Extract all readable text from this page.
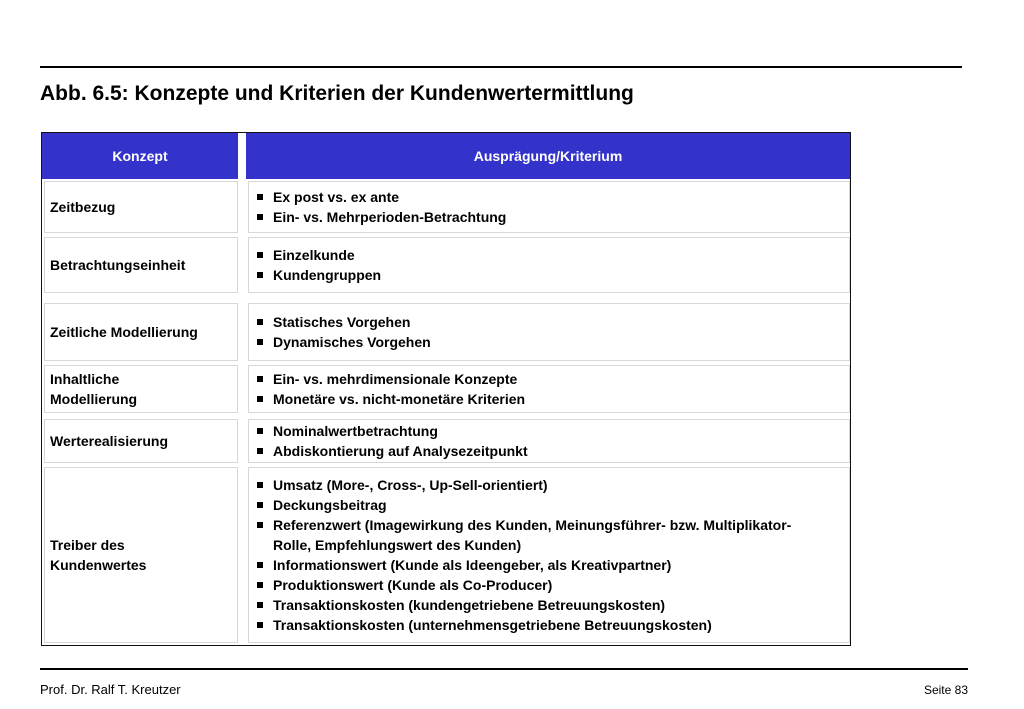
Abb. 6.5: Konzepte und Kriterien der Kundenwertermittlung
Konzept	Ausprägung/Kriterium
Zeitbezug
Ex post vs. ex ante
Ein- vs. Mehrperioden-Betrachtung
Betrachtungseinheit
Einzelkunde
Kundengruppen
Zeitliche Modellierung
Statisches Vorgehen
Dynamisches Vorgehen
Inhaltliche Modellierung
Ein- vs. mehrdimensionale Konzepte
Monetäre vs. nicht-monetäre Kriterien
Werterealisierung
Nominalwertbetrachtung
Abdiskontierung auf Analysezeitpunkt
Treiber des Kundenwertes
Umsatz (More-, Cross-, Up-Sell-orientiert)
Deckungsbeitrag
Referenzwert (Imagewirkung des Kunden, Meinungsführer- bzw. Multiplikator-Rolle, Empfehlungswert des Kunden)
Informationswert (Kunde als Ideengeber, als Kreativpartner)
Produktionswert (Kunde als Co-Producer)
Transaktionskosten (kundengetriebene Betreuungskosten)
Transaktionskosten (unternehmensgetriebene Betreuungskosten)
Prof. Dr. Ralf T. Kreutzer	Seite 83
